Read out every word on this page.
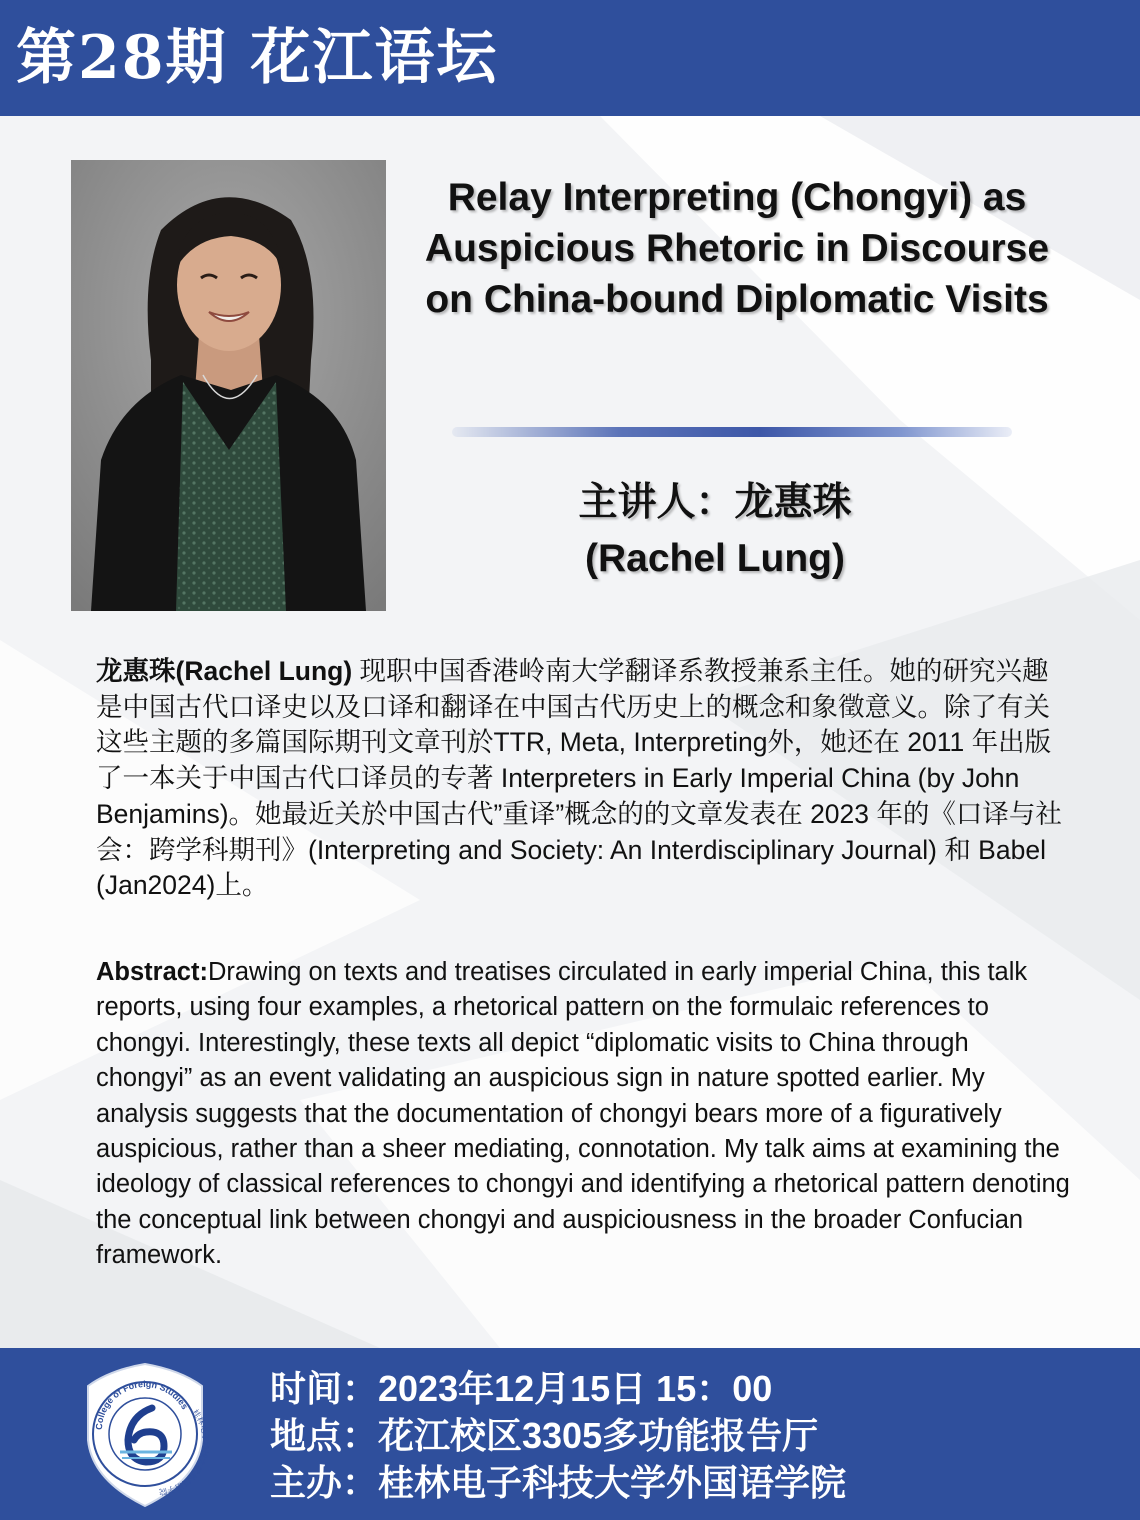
第28期 花江语坛
Relay Interpreting (Chongyi) as Auspicious Rhetoric in Discourse on China-bound Diplomatic Visits
主讲人：龙惠珠
(Rachel Lung)
龙惠珠(Rachel Lung) 现职中国香港岭南大学翻译系教授兼系主任。她的研究兴趣是中国古代口译史以及口译和翻译在中国古代历史上的概念和象徵意义。除了有关这些主题的多篇国际期刊文章刊於TTR, Meta, Interpreting外，她还在 2011 年出版了一本关于中国古代口译员的专著 Interpreters in Early Imperial China (by John Benjamins)。她最近关於中国古代”重译”概念的的文章发表在 2023 年的《口译与社会：跨学科期刊》(Interpreting and Society: An Interdisciplinary Journal) 和 Babel (Jan2024)上。
Abstract:Drawing on texts and treatises circulated in early imperial China, this talk reports, using four examples, a rhetorical pattern on the formulaic references to chongyi. Interestingly, these texts all depict “diplomatic visits to China through chongyi” as an event validating an auspicious sign in nature spotted earlier. My analysis suggests that the documentation of chongyi bears more of a figuratively auspicious, rather than a sheer mediating, connotation. My talk aims at examining the ideology of classical references to chongyi and identifying a rhetorical pattern denoting the conceptual link between chongyi and auspiciousness in the broader Confucian framework.
College of Foreign Studies
桂林电子科技大学外国语学院
时间：2023年12月15日 15：00
地点：花江校区3305多功能报告厅
主办：桂林电子科技大学外国语学院
